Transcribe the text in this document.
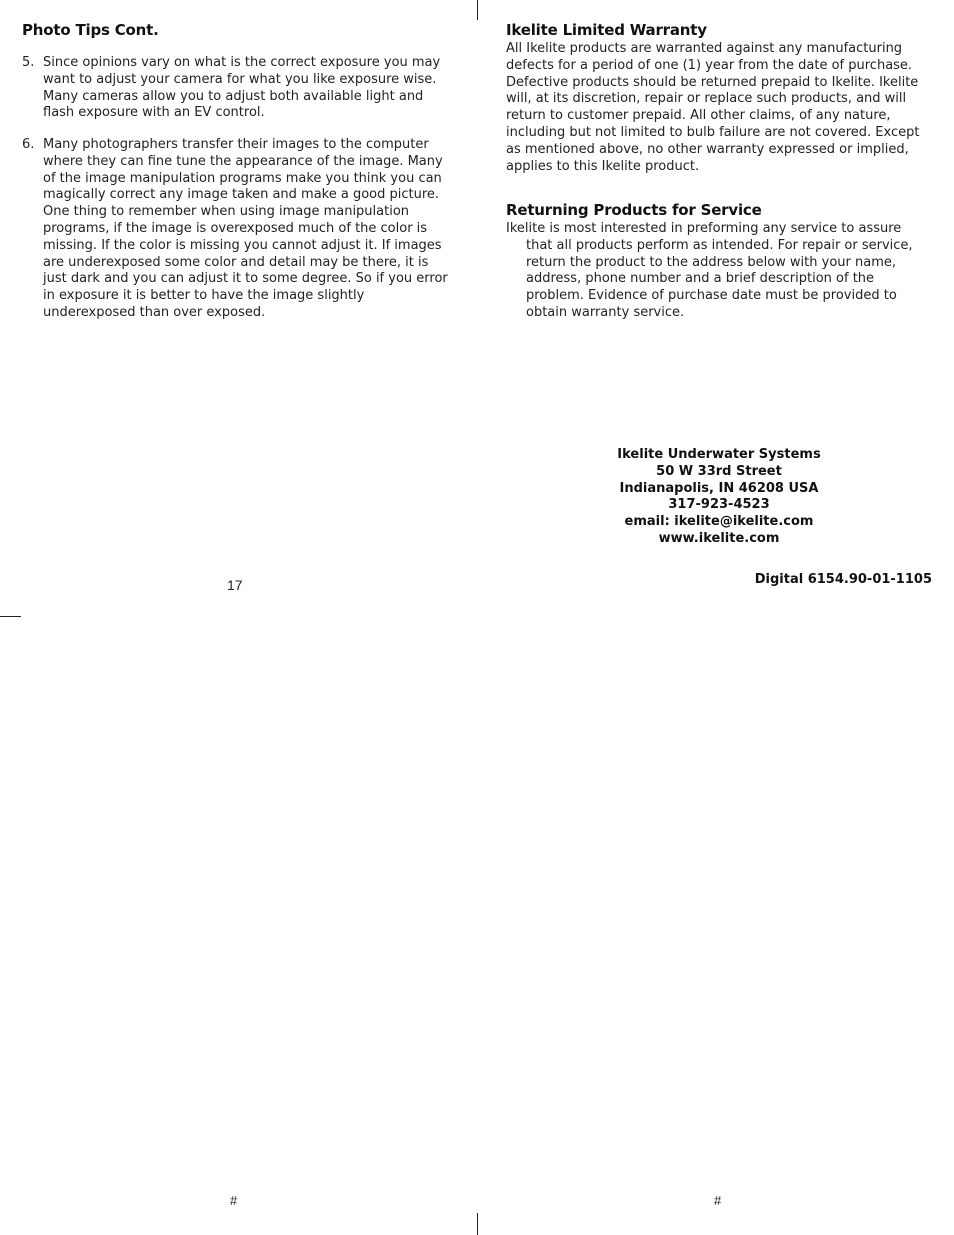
Photo Tips Cont.
5. Since opinions vary on what is the correct exposure you may want to adjust your camera for what you like exposure wise. Many cameras allow you to adjust both available light and flash exposure with an EV control.
6. Many photographers transfer their images to the computer where they can fine tune the appearance of the image. Many of the image manipulation programs make you think you can magically correct any image taken and make a good picture. One thing to remember when using image manipulation programs, if the image is overexposed much of the color is missing. If the color is missing you cannot adjust it. If images are underexposed some color and detail may be there, it is just dark and you can adjust it to some degree. So if you error in exposure it is better to have the image slightly underexposed than over exposed.
17
Ikelite Limited Warranty
All Ikelite products are warranted against any manufacturing defects for a period of one (1) year from the date of purchase. Defective products should be returned prepaid to Ikelite. Ikelite will, at its discretion, repair or replace such products, and will return to customer prepaid. All other claims, of any nature, including but not limited to bulb failure are not covered. Except as mentioned above, no other warranty expressed or implied, applies to this Ikelite product.
Returning Products for Service
Ikelite is most interested in preforming any service to assure that all products perform as intended. For repair or service, return the product to the address below with your name, address, phone number and a brief description of the problem. Evidence of purchase date must be provided to obtain warranty service.
Ikelite Underwater Systems
50 W 33rd Street
Indianapolis, IN 46208 USA
317-923-4523
email: ikelite@ikelite.com
www.ikelite.com
Digital 6154.90-01-1105
#	#
